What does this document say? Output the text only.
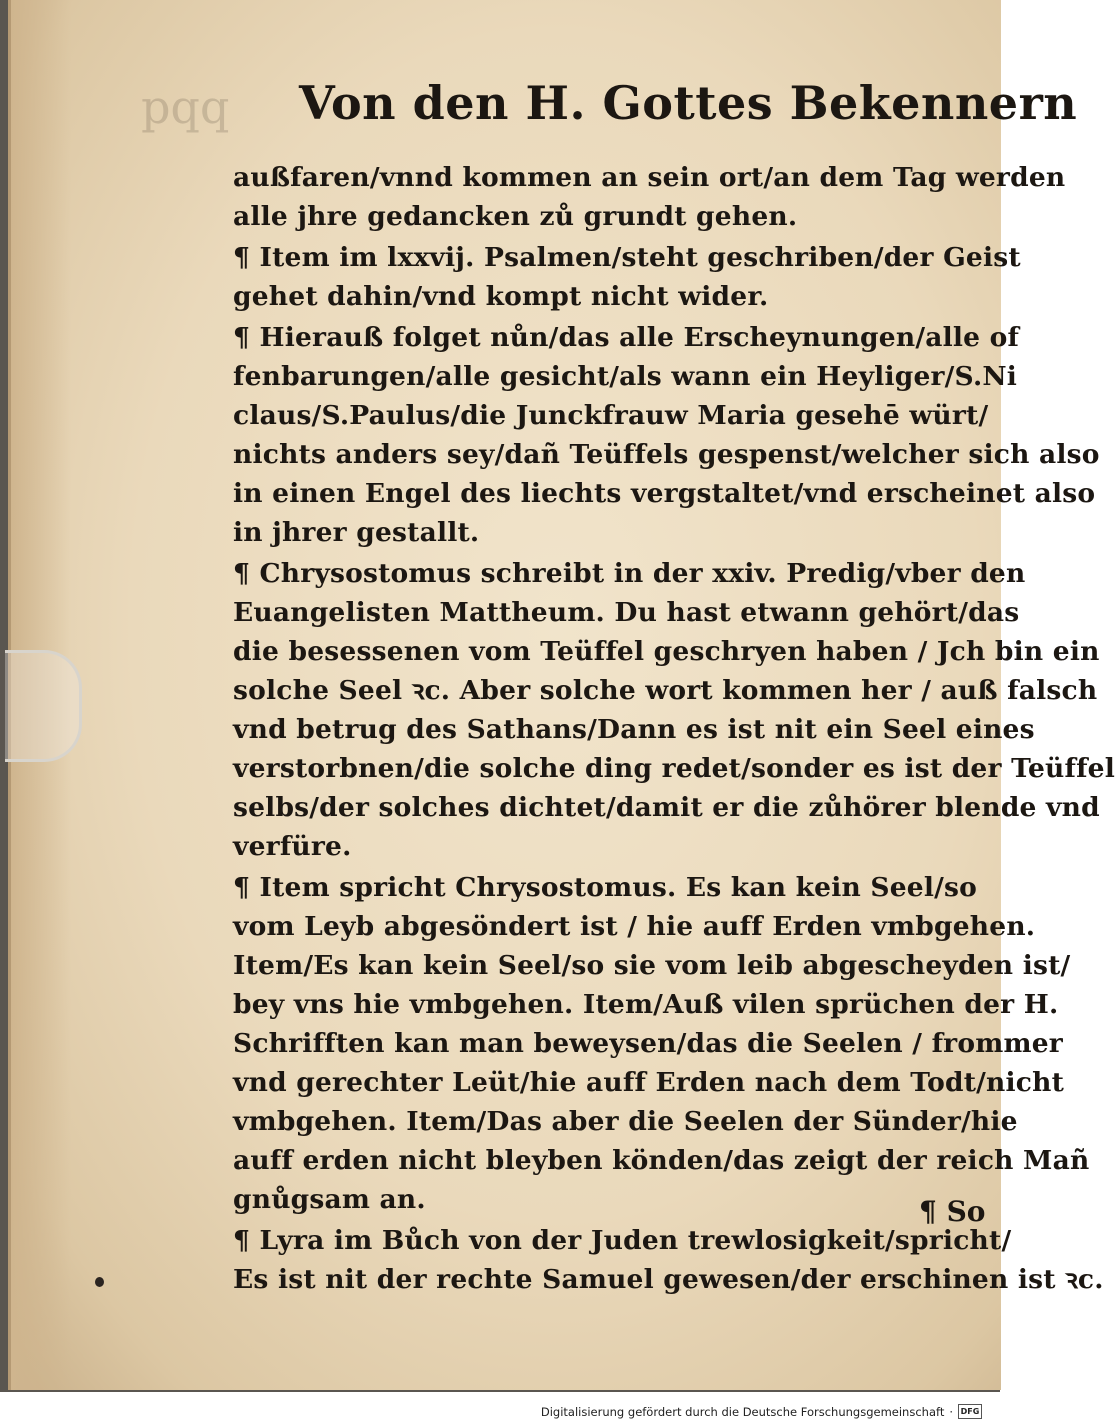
ppq Von den H. Gottes Bekennern
außfaren/vnnd kommen an sein ort/an dem Tag werden
alle jhre gedancken zů grundt gehen.
¶ Item im lxxvij. Psalmen/steht geschriben/der Geist
gehet dahin/vnd kompt nicht wider.
¶ Hierauß folget nůn/das alle Erscheynungen/alle of
fenbarungen/alle gesicht/als wann ein Heyliger/S.Ni
claus/S.Paulus/die Junckfrauw Maria gesehē würt/
nichts anders sey/dañ Teüffels gespenst/welcher sich also
in einen Engel des liechts vergstaltet/vnd erscheinet also
in jhrer gestallt.
¶ Chrysostomus schreibt in der xxiv. Predig/vber den
Euangelisten Mattheum. Du hast etwann gehört/das
die besessenen vom Teüffel geschryen haben / Jch bin ein
solche Seel ꝛc. Aber solche wort kommen her / auß falsch
vnd betrug des Sathans/Dann es ist nit ein Seel eines
verstorbnen/die solche ding redet/sonder es ist der Teüffel
selbs/der solches dichtet/damit er die zůhörer blende vnd
verfüre.
¶ Item spricht Chrysostomus. Es kan kein Seel/so
vom Leyb abgesöndert ist / hie auff Erden vmbgehen.
Item/Es kan kein Seel/so sie vom leib abgescheyden ist/
bey vns hie vmbgehen. Item/Auß vilen sprüchen der H.
Schrifften kan man beweysen/das die Seelen / frommer
vnd gerechter Leüt/hie auff Erden nach dem Todt/nicht
vmbgehen. Item/Das aber die Seelen der Sünder/hie
auff erden nicht bleyben könden/das zeigt der reich Mañ
gnůgsam an.
¶ Lyra im Bůch von der Juden trewlosigkeit/spricht/
Es ist nit der rechte Samuel gewesen/der erschinen ist ꝛc.
¶ So
Digitalisierung gefördert durch die Deutsche Forschungsgemeinschaft · DFG
